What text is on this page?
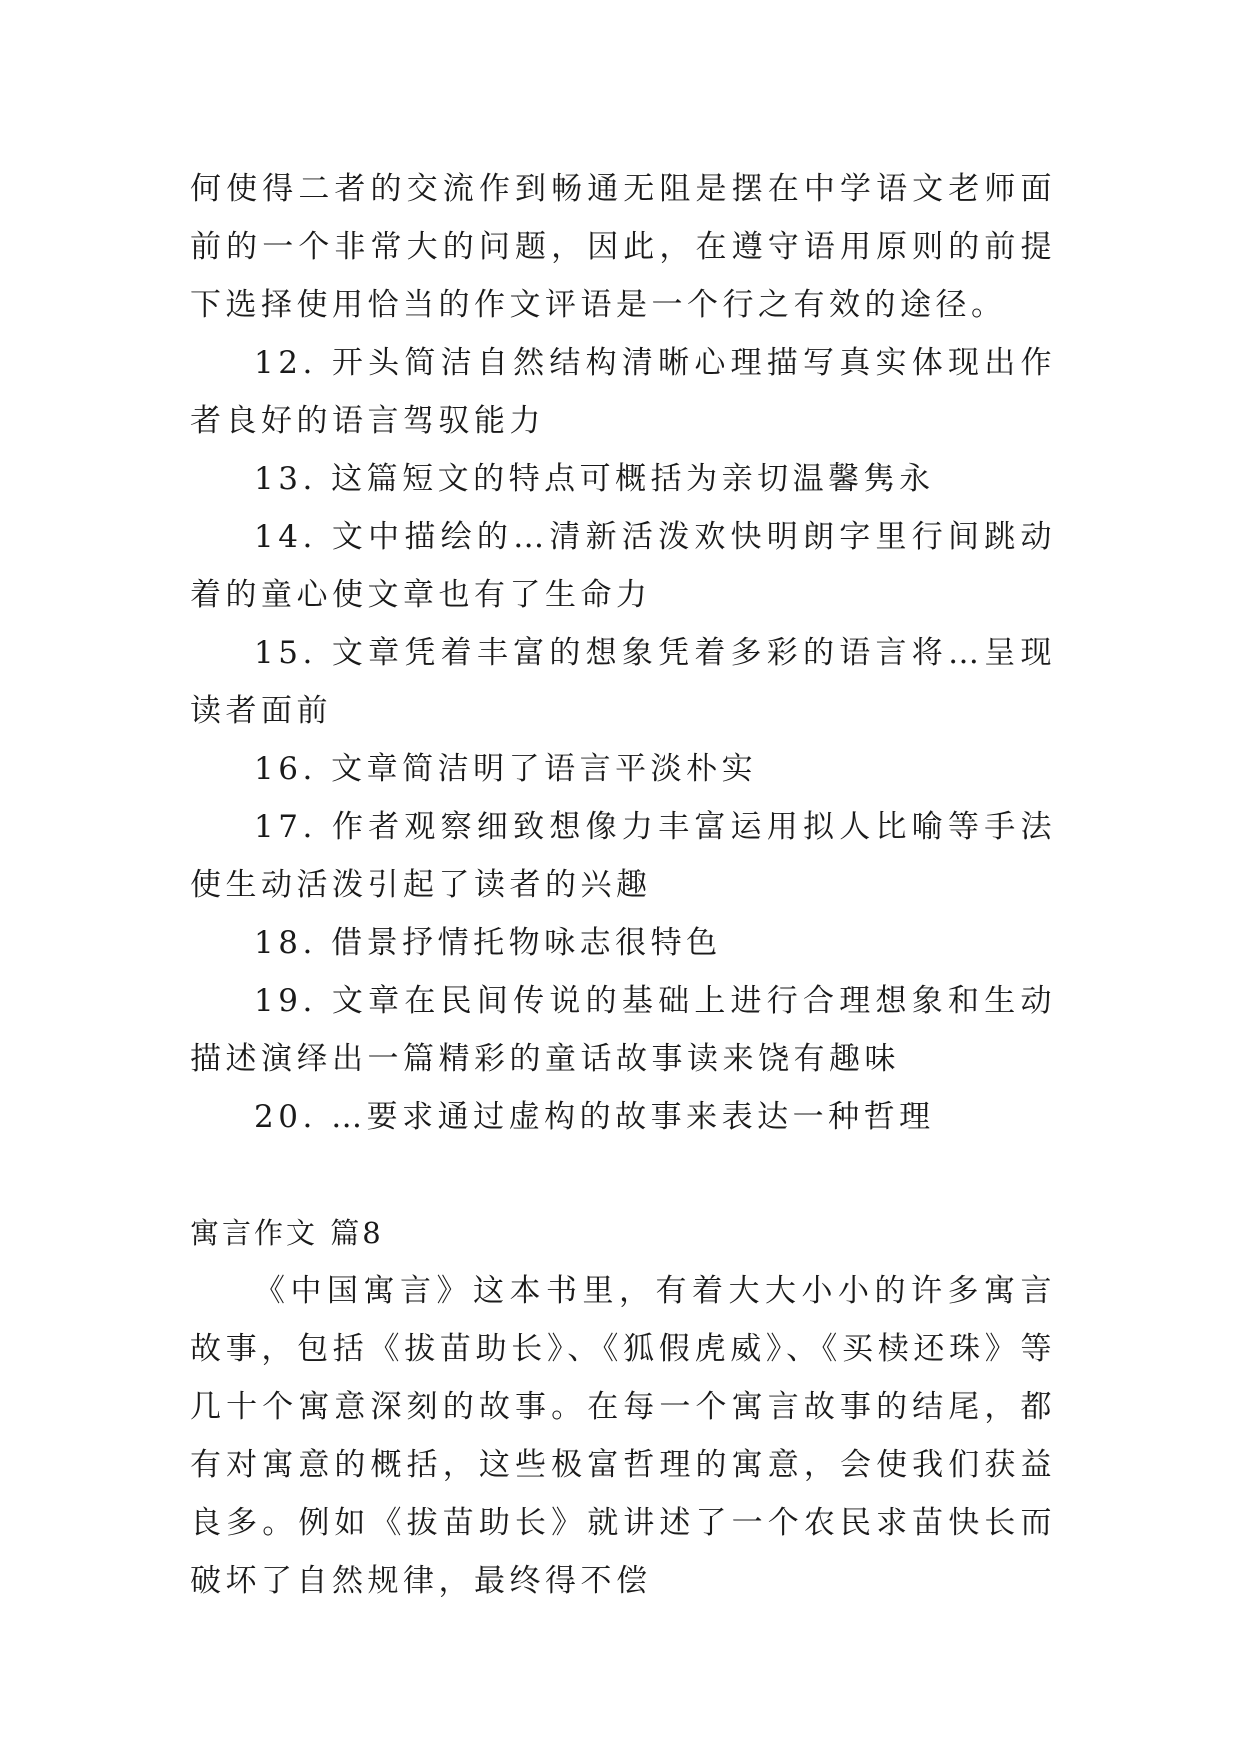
何使得二者的交流作到畅通无阻是摆在中学语文老师面前的一个非常大的问题，因此，在遵守语用原则的前提下选择使用恰当的作文评语是一个行之有效的途径。

12. 开头简洁自然结构清晰心理描写真实体现出作者良好的语言驾驭能力

13. 这篇短文的特点可概括为亲切温馨隽永

14. 文中描绘的…清新活泼欢快明朗字里行间跳动着的童心使文章也有了生命力

15. 文章凭着丰富的想象凭着多彩的语言将…呈现读者面前

16. 文章简洁明了语言平淡朴实

17. 作者观察细致想像力丰富运用拟人比喻等手法使生动活泼引起了读者的兴趣

18. 借景抒情托物咏志很特色

19. 文章在民间传说的基础上进行合理想象和生动描述演绎出一篇精彩的童话故事读来饶有趣味

20. …要求通过虚构的故事来表达一种哲理

寓言作文 篇8

《中国寓言》这本书里，有着大大小小的许多寓言故事，包括《拔苗助长》、《狐假虎威》、《买椟还珠》等几十个寓意深刻的故事。在每一个寓言故事的结尾，都有对寓意的概括，这些极富哲理的寓意，会使我们获益良多。例如《拔苗助长》就讲述了一个农民求苗快长而破坏了自然规律，最终得不偿
